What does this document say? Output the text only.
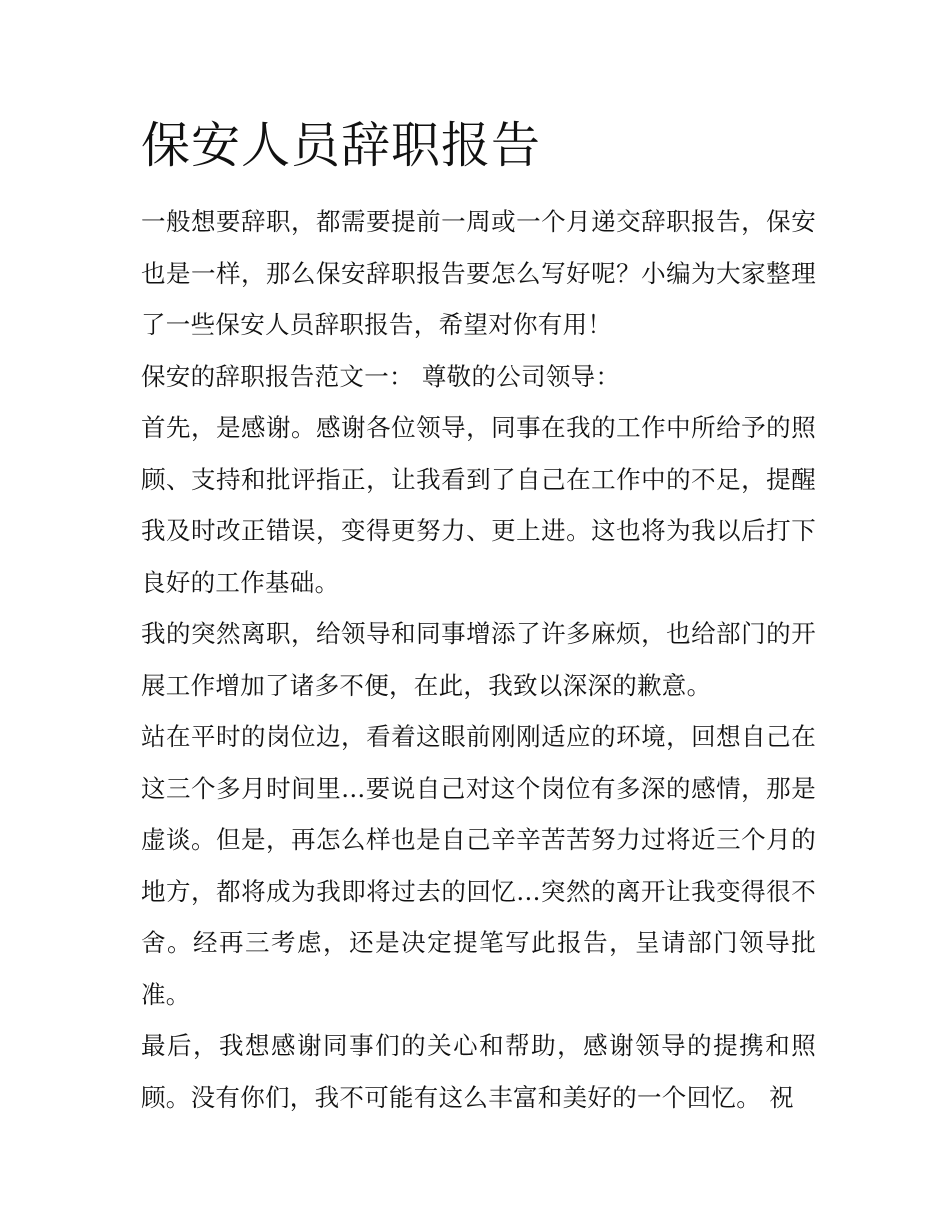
保安人员辞职报告

一般想要辞职，都需要提前一周或一个月递交辞职报告，保安也是一样，那么保安辞职报告要怎么写好呢？小编为大家整理了一些保安人员辞职报告，希望对你有用！

保安的辞职报告范文一： 尊敬的公司领导：

首先，是感谢。感谢各位领导，同事在我的工作中所给予的照顾、支持和批评指正，让我看到了自己在工作中的不足，提醒我及时改正错误，变得更努力、更上进。这也将为我以后打下良好的工作基础。

我的突然离职，给领导和同事增添了许多麻烦，也给部门的开展工作增加了诸多不便，在此，我致以深深的歉意。

站在平时的岗位边，看着这眼前刚刚适应的环境，回想自己在这三个多月时间里...要说自己对这个岗位有多深的感情，那是虚谈。但是，再怎么样也是自己辛辛苦苦努力过将近三个月的地方，都将成为我即将过去的回忆...突然的离开让我变得很不舍。经再三考虑，还是决定提笔写此报告，呈请部门领导批准。

最后，我想感谢同事们的关心和帮助，感谢领导的提携和照顾。没有你们，我不可能有这么丰富和美好的一个回忆。 祝
